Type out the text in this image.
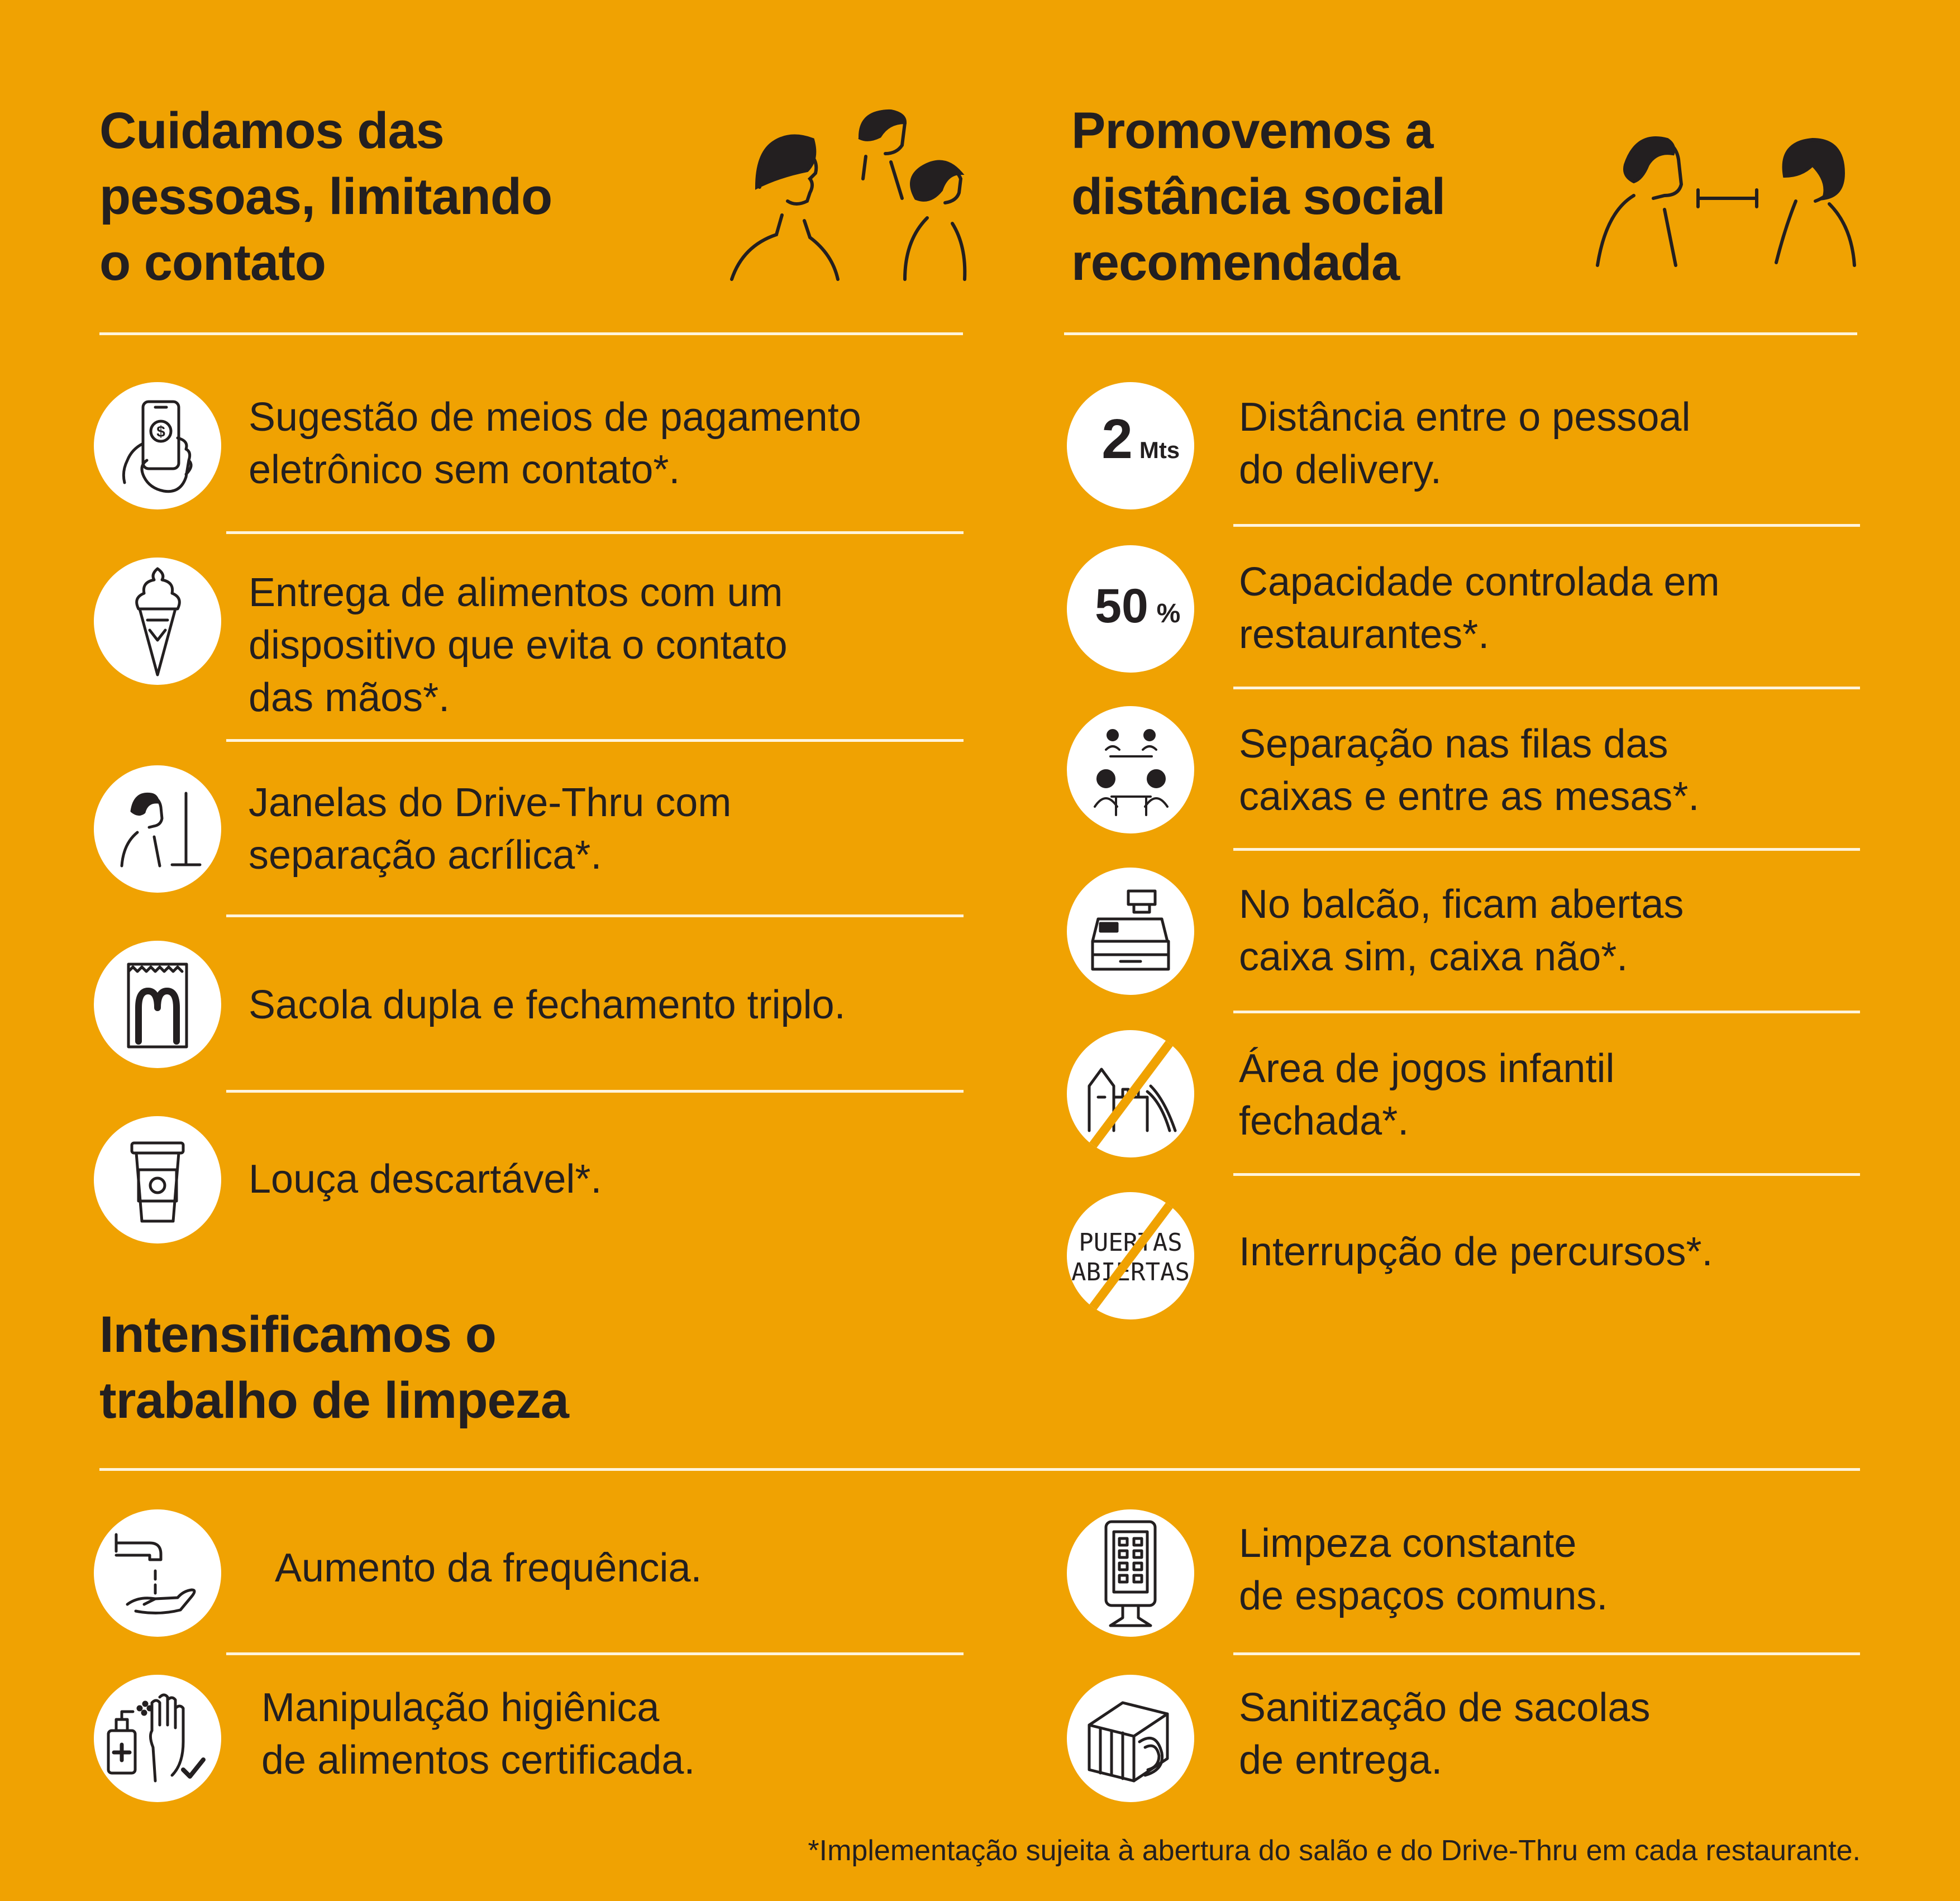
Cuidamos das
pessoas, limitando
o contato
Promovemos a
distância social
recomendada
Intensificamos o
trabalho de limpeza
$ Sugestão de meios de pagamento
eletrônico sem contato*.

Entrega de alimentos com um
dispositivo que evita o contato
das mãos*.

Janelas do Drive-Thru com
separação acrílica*.

Sacola dupla e fechamento triplo.

Louça descartável*.

2 Mts

Distância entre o pessoal
do delivery.

50 %

Capacidade controlada em
restaurantes*.

Separação nas filas das
caixas e entre as mesas*.

No balcão, ficam abertas
caixa sim, caixa não*.

Área de jogos infantil
fechada*.

PUERTAS
ABIERTAS Interrupção de percursos*.

Aumento da frequência.

Limpeza constante
de espaços comuns.

Manipulação higiênica
de alimentos certificada.

Sanitização de sacolas
de entrega.

*Implementação sujeita à abertura do salão e do Drive-Thru em cada restaurante.
